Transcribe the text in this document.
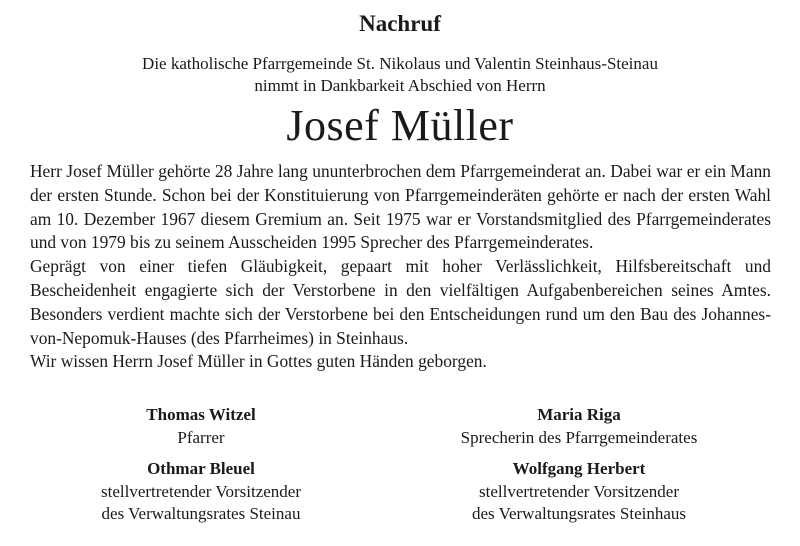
Nachruf
Die katholische Pfarrgemeinde St. Nikolaus und Valentin Steinhaus-Steinau
nimmt in Dankbarkeit Abschied von Herrn
Josef Müller

Herr Josef Müller gehörte 28 Jahre lang ununterbrochen dem Pfarrgemeinderat an. Dabei war er ein Mann der ersten Stunde. Schon bei der Konstituierung von Pfarrgemeinderäten gehörte er nach der ersten Wahl am 10. Dezember 1967 diesem Gremium an. Seit 1975 war er Vorstandsmitglied des Pfarrgemeinderates und von 1979 bis zu seinem Ausscheiden 1995 Sprecher des Pfarrgemeinderates.

Geprägt von einer tiefen Gläubigkeit, gepaart mit hoher Verlässlichkeit, Hilfsbereitschaft und Bescheidenheit engagierte sich der Verstorbene in den vielfältigen Aufgabenbereichen seines Amtes. Besonders verdient machte sich der Verstorbene bei den Entscheidungen rund um den Bau des Johannes-von-Nepomuk-Hauses (des Pfarrheimes) in Steinhaus.

Wir wissen Herrn Josef Müller in Gottes guten Händen geborgen.

Thomas Witzel
Pfarrer
Maria Riga
Sprecherin des Pfarrgemeinderates
Othmar Bleuel
stellvertretender Vorsitzender
des Verwaltungsrates Steinau
Wolfgang Herbert
stellvertretender Vorsitzender
des Verwaltungsrates Steinhaus
